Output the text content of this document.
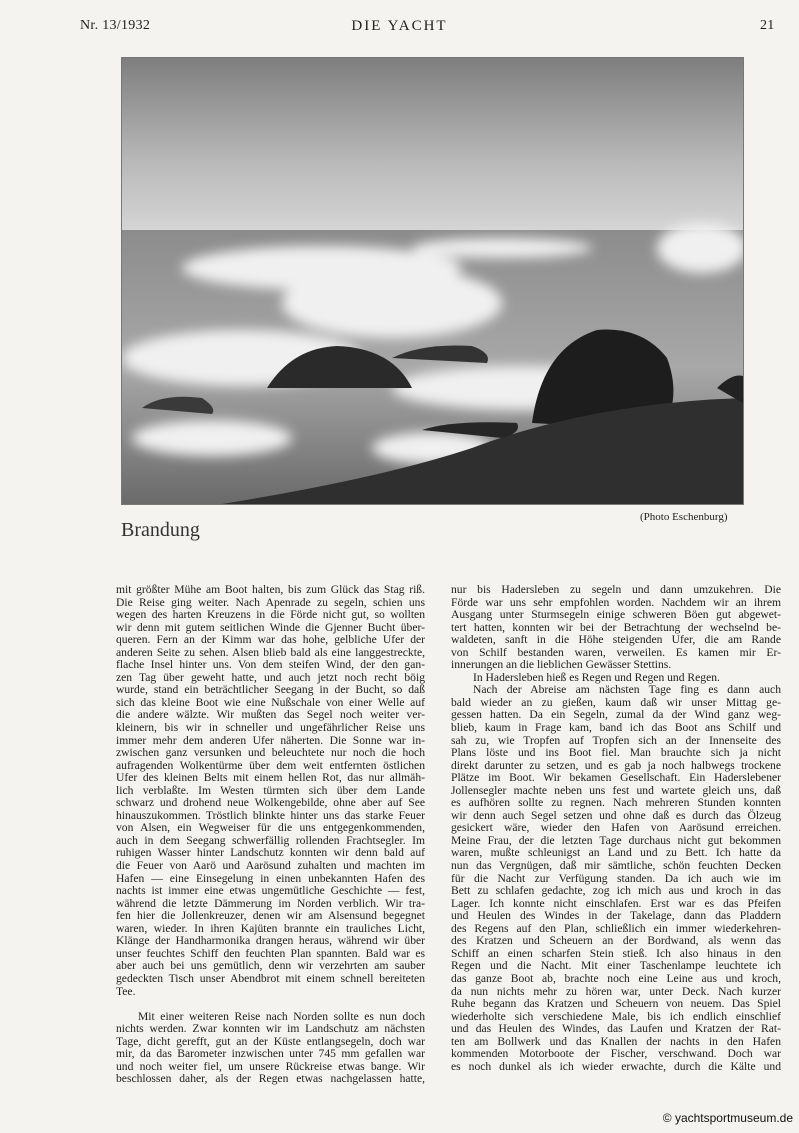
Nr. 13/1932	DIE YACHT	21
Brandung
(Photo Eschenburg)
mit größter Mühe am Boot halten, bis zum Glück das Stag riß.
Die Reise ging weiter. Nach Apenrade zu segeln, schien uns
wegen des harten Kreuzens in die Förde nicht gut, so wollten
wir denn mit gutem seitlichen Winde die Gjenner Bucht über-
queren. Fern an der Kimm war das hohe, gelbliche Ufer der
anderen Seite zu sehen. Alsen blieb bald als eine langgestreckte,
flache Insel hinter uns. Von dem steifen Wind, der den gan-
zen Tag über geweht hatte, und auch jetzt noch recht böig
wurde, stand ein beträchtlicher Seegang in der Bucht, so daß
sich das kleine Boot wie eine Nußschale von einer Welle auf
die andere wälzte. Wir mußten das Segel noch weiter ver-
kleinern, bis wir in schneller und ungefährlicher Reise uns
immer mehr dem anderen Ufer näherten. Die Sonne war in-
zwischen ganz versunken und beleuchtete nur noch die hoch
aufragenden Wolkentürme über dem weit entfernten östlichen
Ufer des kleinen Belts mit einem hellen Rot, das nur allmäh-
lich verblaßte. Im Westen türmten sich über dem Lande
schwarz und drohend neue Wolkengebilde, ohne aber auf See
hinauszukommen. Tröstlich blinkte hinter uns das starke Feuer
von Alsen, ein Wegweiser für die uns entgegenkommenden,
auch in dem Seegang schwerfällig rollenden Frachtsegler. Im
ruhigen Wasser hinter Landschutz konnten wir denn bald auf
die Feuer von Aarö und Aarösund zuhalten und machten im
Hafen — eine Einsegelung in einen unbekannten Hafen des
nachts ist immer eine etwas ungemütliche Geschichte — fest,
während die letzte Dämmerung im Norden verblich. Wir tra-
fen hier die Jollenkreuzer, denen wir am Alsensund begegnet
waren, wieder. In ihren Kajüten brannte ein trauliches Licht,
Klänge der Handharmonika drangen heraus, während wir über
unser feuchtes Schiff den feuchten Plan spannten. Bald war es
aber auch bei uns gemütlich, denn wir verzehrten am sauber
gedeckten Tisch unser Abendbrot mit einem schnell bereiteten
Tee.
Mit einer weiteren Reise nach Norden sollte es nun doch
nichts werden. Zwar konnten wir im Landschutz am nächsten
Tage, dicht gerefft, gut an der Küste entlangsegeln, doch war
mir, da das Barometer inzwischen unter 745 mm gefallen war
und noch weiter fiel, um unsere Rückreise etwas bange. Wir
beschlossen daher, als der Regen etwas nachgelassen hatte,
nur bis Hadersleben zu segeln und dann umzukehren. Die
Förde war uns sehr empfohlen worden. Nachdem wir an ihrem
Ausgang unter Sturmsegeln einige schweren Böen gut abgewet-
tert hatten, konnten wir bei der Betrachtung der wechselnd be-
waldeten, sanft in die Höhe steigenden Ufer, die am Rande
von Schilf bestanden waren, verweilen. Es kamen mir Er-
innerungen an die lieblichen Gewässer Stettins.
In Hadersleben hieß es Regen und Regen und Regen.
Nach der Abreise am nächsten Tage fing es dann auch
bald wieder an zu gießen, kaum daß wir unser Mittag ge-
gessen hatten. Da ein Segeln, zumal da der Wind ganz weg-
blieb, kaum in Frage kam, band ich das Boot ans Schilf und
sah zu, wie Tropfen auf Tropfen sich an der Innenseite des
Plans löste und ins Boot fiel. Man brauchte sich ja nicht
direkt darunter zu setzen, und es gab ja noch halbwegs trockene
Plätze im Boot. Wir bekamen Gesellschaft. Ein Haderslebener
Jollensegler machte neben uns fest und wartete gleich uns, daß
es aufhören sollte zu regnen. Nach mehreren Stunden konnten
wir denn auch Segel setzen und ohne daß es durch das Ölzeug
gesickert wäre, wieder den Hafen von Aarösund erreichen.
Meine Frau, der die letzten Tage durchaus nicht gut bekommen
waren, mußte schleunigst an Land und zu Bett. Ich hatte da
nun das Vergnügen, daß mir sämtliche, schön feuchten Decken
für die Nacht zur Verfügung standen. Da ich auch wie im
Bett zu schlafen gedachte, zog ich mich aus und kroch in das
Lager. Ich konnte nicht einschlafen. Erst war es das Pfeifen
und Heulen des Windes in der Takelage, dann das Pladdern
des Regens auf den Plan, schließlich ein immer wiederkehren-
des Kratzen und Scheuern an der Bordwand, als wenn das
Schiff an einen scharfen Stein stieß. Ich also hinaus in den
Regen und die Nacht. Mit einer Taschenlampe leuchtete ich
das ganze Boot ab, brachte noch eine Leine aus und kroch,
da nun nichts mehr zu hören war, unter Deck. Nach kurzer
Ruhe begann das Kratzen und Scheuern von neuem. Das Spiel
wiederholte sich verschiedene Male, bis ich endlich einschlief
und das Heulen des Windes, das Laufen und Kratzen der Rat-
ten am Bollwerk und das Knallen der nachts in den Hafen
kommenden Motorboote der Fischer, verschwand. Doch war
es noch dunkel als ich wieder erwachte, durch die Kälte und
© yachtsportmuseum.de
